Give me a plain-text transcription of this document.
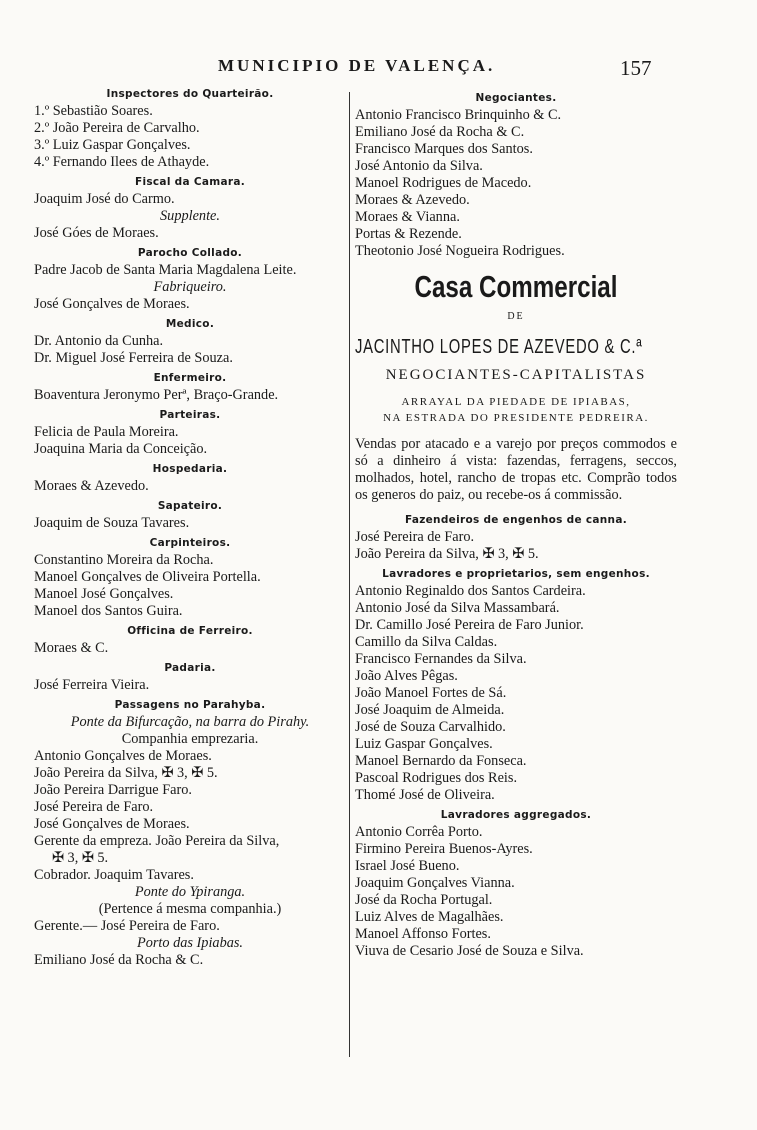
MUNICIPIO DE VALENÇA.	157
Inspectores do Quarteirão.
1.º Sebastião Soares.
2.º João Pereira de Carvalho.
3.º Luiz Gaspar Gonçalves.
4.º Fernando Ilees de Athayde.
Fiscal da Camara.
Joaquim José do Carmo.
Supplente.
José Góes de Moraes.
Parocho Collado.
Padre Jacob de Santa Maria Magdalena Leite.
Fabriqueiro.
José Gonçalves de Moraes.
Medico.
Dr. Antonio da Cunha.
Dr. Miguel José Ferreira de Souza.
Enfermeiro.
Boaventura Jeronymo Perª, Braço-Grande.
Parteiras.
Felicia de Paula Moreira.
Joaquina Maria da Conceição.
Hospedaria.
Moraes & Azevedo.
Sapateiro.
Joaquim de Souza Tavares.
Carpinteiros.
Constantino Moreira da Rocha.
Manoel Gonçalves de Oliveira Portella.
Manoel José Gonçalves.
Manoel dos Santos Guira.
Officina de Ferreiro.
Moraes & C.
Padaria.
José Ferreira Vieira.
Passagens no Parahyba.
Ponte da Bifurcação, na barra do Pirahy.
Companhia emprezaria.
Antonio Gonçalves de Moraes.
João Pereira da Silva, ✠ 3, ✠ 5.
João Pereira Darrigue Faro.
José Pereira de Faro.
José Gonçalves de Moraes.
Gerente da empreza. João Pereira da Silva,
✠ 3, ✠ 5.
Cobrador. Joaquim Tavares.
Ponte do Ypiranga.
(Pertence á mesma companhia.)
Gerente.— José Pereira de Faro.
Porto das Ipiabas.
Emiliano José da Rocha & C.
Negociantes.
Antonio Francisco Brinquinho & C.
Emiliano José da Rocha & C.
Francisco Marques dos Santos.
José Antonio da Silva.
Manoel Rodrigues de Macedo.
Moraes & Azevedo.
Moraes & Vianna.
Portas & Rezende.
Theotonio José Nogueira Rodrigues.
Casa Commercial
DE
JACINTHO LOPES DE AZEVEDO & C.ª
NEGOCIANTES-CAPITALISTAS
ARRAYAL DA PIEDADE DE IPIABAS,
NA ESTRADA DO PRESIDENTE PEDREIRA.
Vendas por atacado e a varejo por preços commodos e só a dinheiro á vista: fazendas, ferragens, seccos, molhados, hotel, rancho de tropas etc. Comprão todos os generos do paiz, ou recebe-os á commissão.
Fazendeiros de engenhos de canna.
José Pereira de Faro.
João Pereira da Silva, ✠ 3, ✠ 5.
Lavradores e proprietarios, sem engenhos.
Antonio Reginaldo dos Santos Cardeira.
Antonio José da Silva Massambará.
Dr. Camillo José Pereira de Faro Junior.
Camillo da Silva Caldas.
Francisco Fernandes da Silva.
João Alves Pêgas.
João Manoel Fortes de Sá.
José Joaquim de Almeida.
José de Souza Carvalhido.
Luiz Gaspar Gonçalves.
Manoel Bernardo da Fonseca.
Pascoal Rodrigues dos Reis.
Thomé José de Oliveira.
Lavradores aggregados.
Antonio Corrêa Porto.
Firmino Pereira Buenos-Ayres.
Israel José Bueno.
Joaquim Gonçalves Vianna.
José da Rocha Portugal.
Luiz Alves de Magalhães.
Manoel Affonso Fortes.
Viuva de Cesario José de Souza e Silva.
